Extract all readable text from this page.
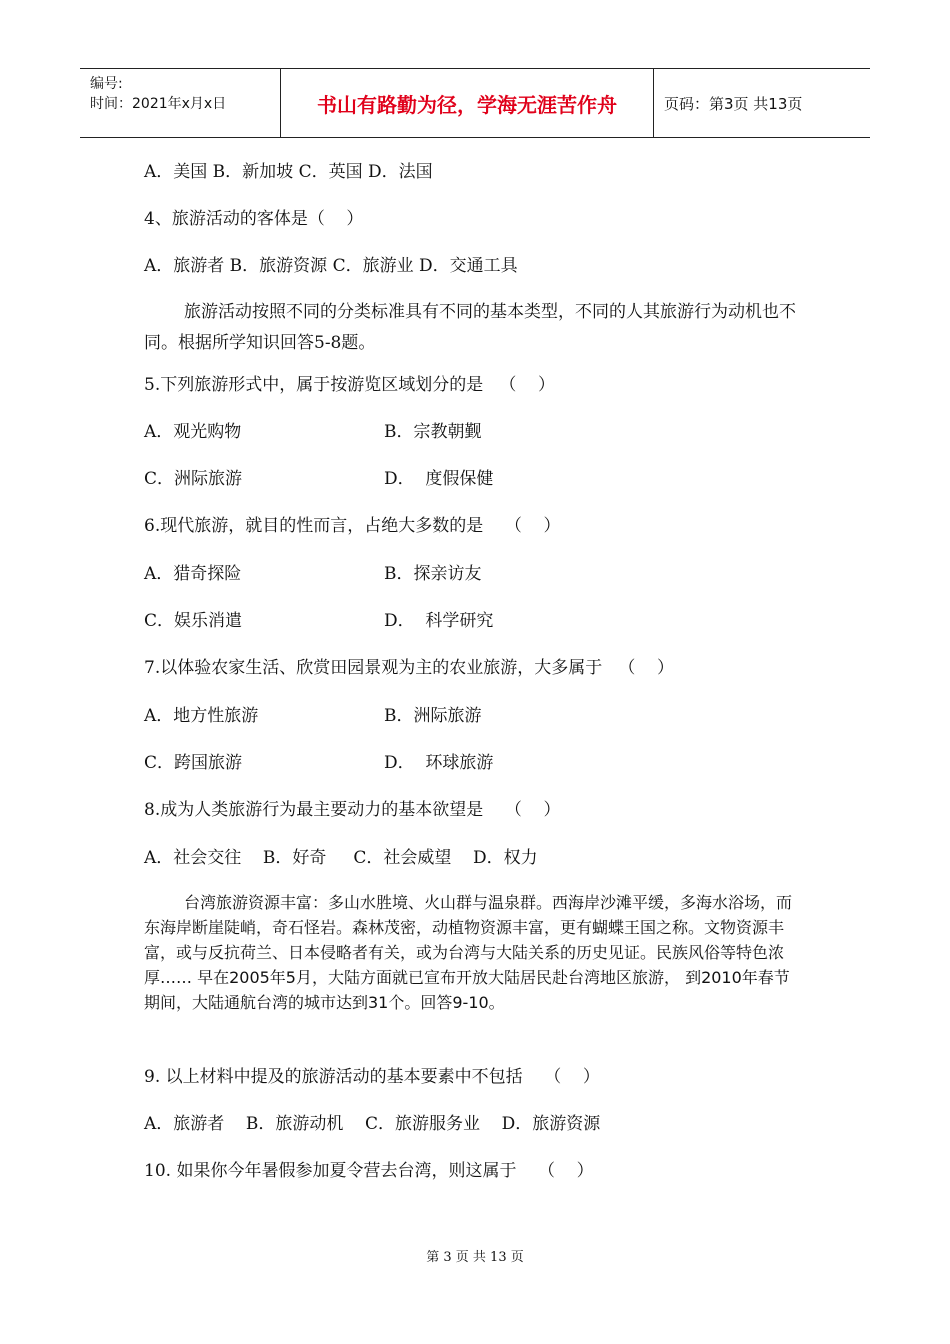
编号:
时间：2021年x月x日	书山有路勤为径，学海无涯苦作舟	页码：第3页 共13页
A．美国 B．新加坡 C．英国 D．法国
4、旅游活动的客体是（    ）
A．旅游者 B．旅游资源 C．旅游业 D．交通工具
旅游活动按照不同的分类标准具有不同的基本类型，不同的人其旅游行为动机也不同。根据所学知识回答5-8题。
5.下列旅游形式中，属于按游览区域划分的是   （    ）
A．观光购物	B．宗教朝觐
C．洲际旅游	D．  度假保健
6.现代旅游，就目的性而言，占绝大多数的是    （    ）
A．猎奇探险	B．探亲访友
C．娱乐消遣	D．  科学研究
7.以体验农家生活、欣赏田园景观为主的农业旅游，大多属于   （    ）
A．地方性旅游	B．洲际旅游
C．跨国旅游	D．  环球旅游
8.成为人类旅游行为最主要动力的基本欲望是    （    ）
A．社会交往    B．好奇     C．社会威望    D．权力
台湾旅游资源丰富：多山水胜境、火山群与温泉群。西海岸沙滩平缓，多海水浴场，而东海岸断崖陡峭，奇石怪岩。森林茂密，动植物资源丰富，更有蝴蝶王国之称。文物资源丰富，或与反抗荷兰、日本侵略者有关，或为台湾与大陆关系的历史见证。民族风俗等特色浓厚…… 早在2005年5月，大陆方面就已宣布开放大陆居民赴台湾地区旅游， 到2010年春节期间，大陆通航台湾的城市达到31个。回答9-10。
9. 以上材料中提及的旅游活动的基本要素中不包括    （    ）
A．旅游者    B．旅游动机    C．旅游服务业    D．旅游资源
10. 如果你今年暑假参加夏令营去台湾，则这属于    （    ）
第 3 页 共 13 页
